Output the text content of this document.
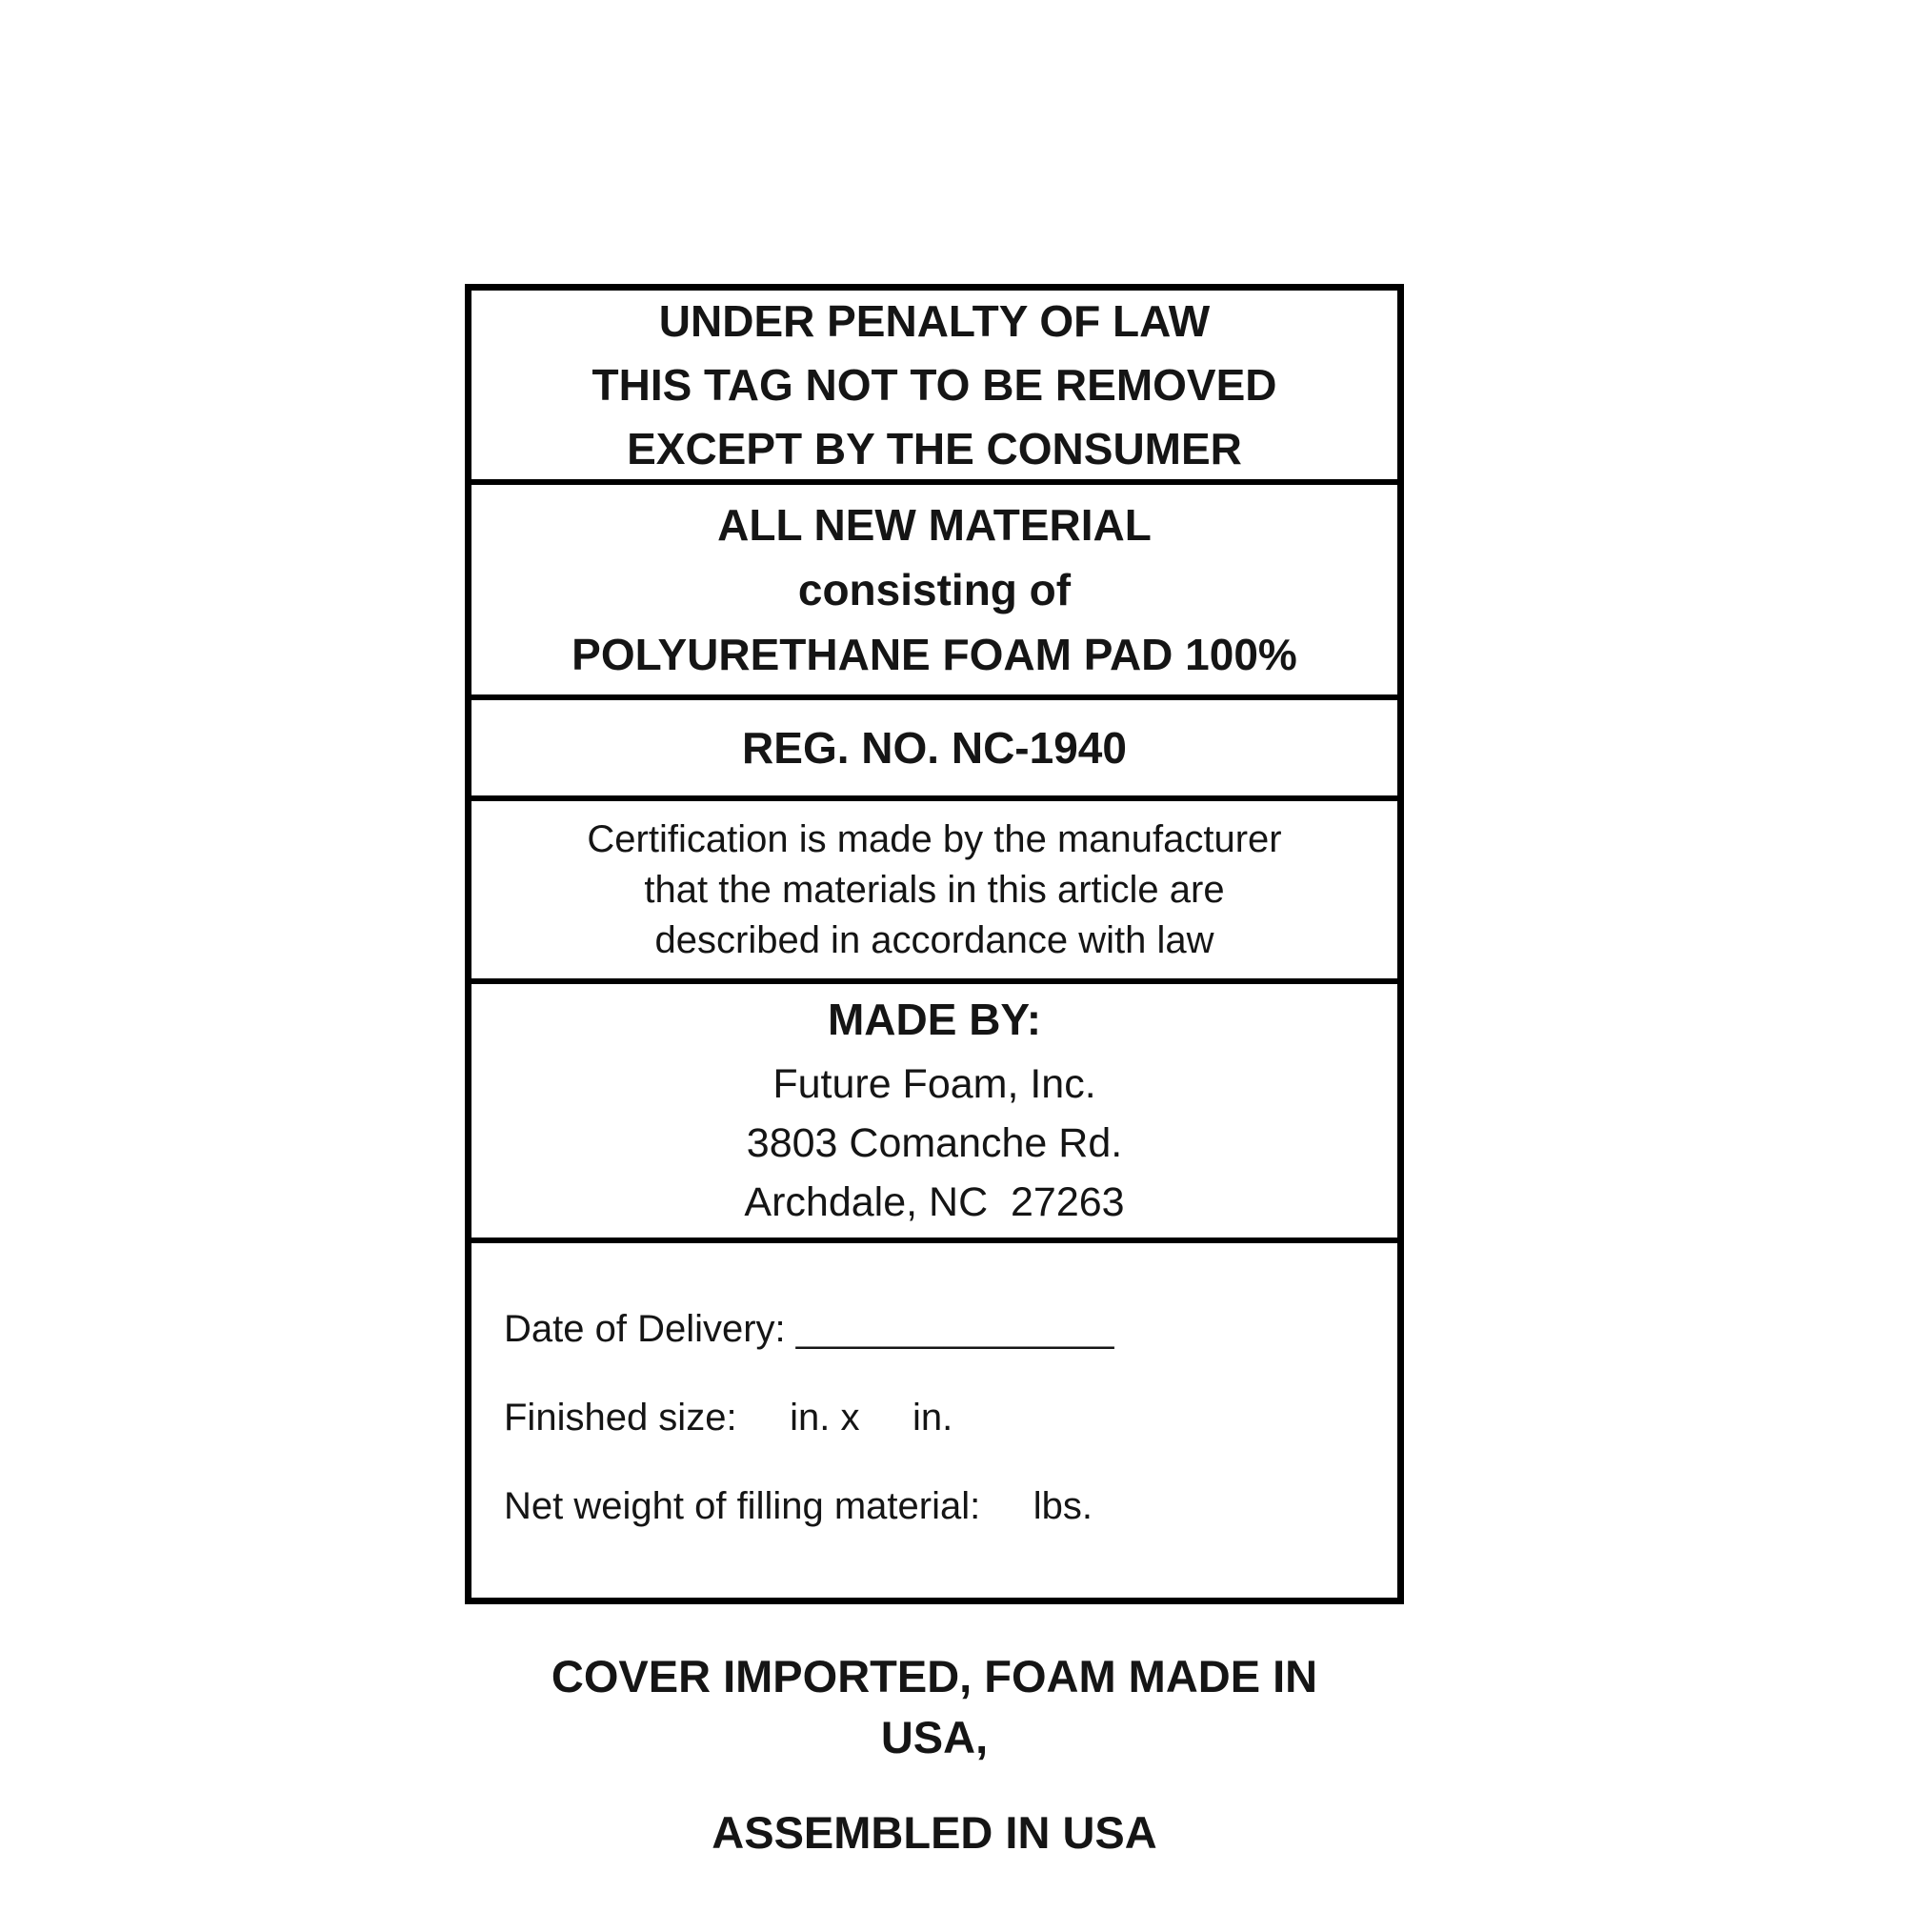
UNDER PENALTY OF LAW
THIS TAG NOT TO BE REMOVED
EXCEPT BY THE CONSUMER
ALL NEW MATERIAL
consisting of
POLYURETHANE FOAM PAD 100%
REG. NO. NC-1940
Certification is made by the manufacturer
that the materials in this article are
described in accordance with law
MADE BY:
Future Foam, Inc.
3803 Comanche Rd.
Archdale, NC  27263

Date of Delivery: _______________

Finished size:     in. x     in.

Net weight of filling material:     lbs.

COVER IMPORTED, FOAM MADE IN USA,

ASSEMBLED IN USA
